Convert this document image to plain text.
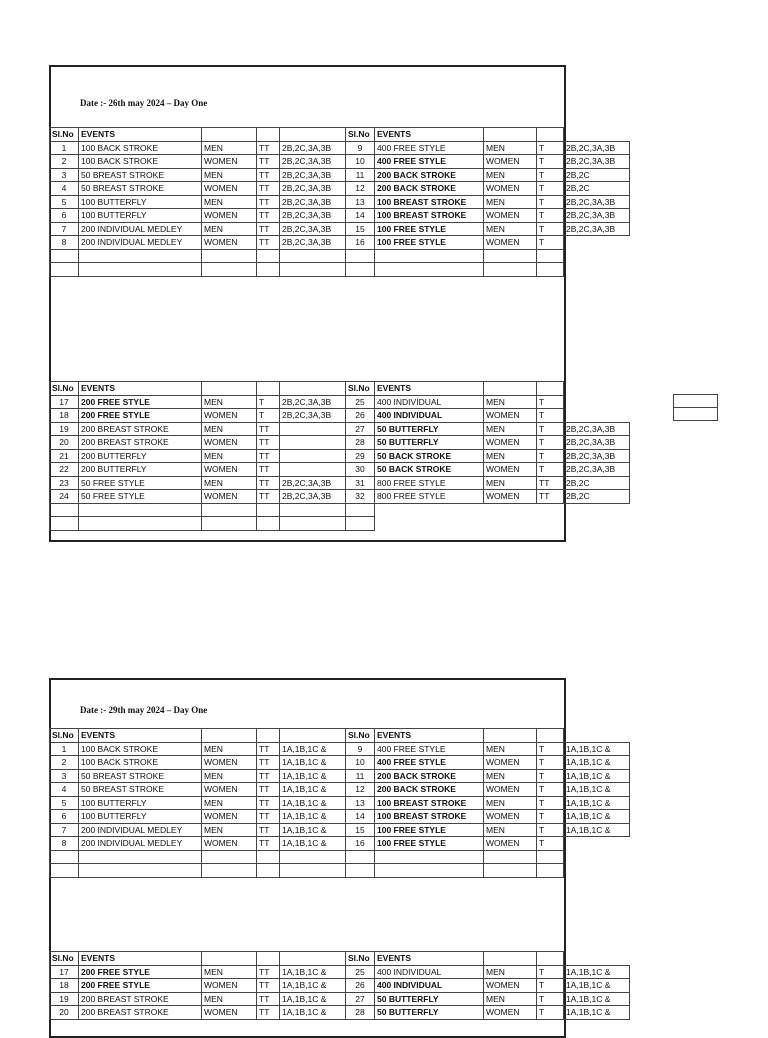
Date :- 26th may 2024 – Day One
Sl.No	EVENTS				Sl.No	EVENTS			
1	100 BACK STROKE	MEN	TT	2B,2C,3A,3B	9	400 FREE STYLE	MEN	T	2B,2C,3A,3B
2	100 BACK STROKE	WOMEN	TT	2B,2C,3A,3B	10	400 FREE STYLE	WOMEN	T	2B,2C,3A,3B
3	50 BREAST STROKE	MEN	TT	2B,2C,3A,3B	11	200 BACK STROKE	MEN	T	2B,2C
4	50 BREAST STROKE	WOMEN	TT	2B,2C,3A,3B	12	200 BACK STROKE	WOMEN	T	2B,2C
5	100 BUTTERFLY	MEN	TT	2B,2C,3A,3B	13	100 BREAST STROKE	MEN	T	2B,2C,3A,3B
6	100 BUTTERFLY	WOMEN	TT	2B,2C,3A,3B	14	100 BREAST STROKE	WOMEN	T	2B,2C,3A,3B
7	200 INDIVIDUAL MEDLEY	MEN	TT	2B,2C,3A,3B	15	100 FREE STYLE	MEN	T	2B,2C,3A,3B
8	200 INDIVIDUAL MEDLEY	WOMEN	TT	2B,2C,3A,3B	16	100 FREE STYLE	WOMEN	T	

Sl.No	EVENTS				Sl.No	EVENTS			
17	200 FREE STYLE	MEN	T	2B,2C,3A,3B	25	400 INDIVIDUAL	MEN	T	
18	200 FREE STYLE	WOMEN	T	2B,2C,3A,3B	26	400 INDIVIDUAL	WOMEN	T	
19	200 BREAST STROKE	MEN	TT		27	50 BUTTERFLY	MEN	T	2B,2C,3A,3B
20	200 BREAST STROKE	WOMEN	TT		28	50 BUTTERFLY	WOMEN	T	2B,2C,3A,3B
21	200 BUTTERFLY	MEN	TT		29	50 BACK STROKE	MEN	T	2B,2C,3A,3B
22	200 BUTTERFLY	WOMEN	TT		30	50 BACK STROKE	WOMEN	T	2B,2C,3A,3B
23	50 FREE STYLE	MEN	TT	2B,2C,3A,3B	31	800 FREE STYLE	MEN	TT	2B,2C
24	50 FREE STYLE	WOMEN	TT	2B,2C,3A,3B	32	800 FREE STYLE	WOMEN	TT	2B,2C

Date :- 29th may 2024 – Day One
Sl.No	EVENTS				Sl.No	EVENTS			
1	100 BACK STROKE	MEN	TT	1A,1B,1C &	9	400 FREE STYLE	MEN	T	1A,1B,1C &
2	100 BACK STROKE	WOMEN	TT	1A,1B,1C &	10	400 FREE STYLE	WOMEN	T	1A,1B,1C &
3	50 BREAST STROKE	MEN	TT	1A,1B,1C &	11	200 BACK STROKE	MEN	T	1A,1B,1C &
4	50 BREAST STROKE	WOMEN	TT	1A,1B,1C &	12	200 BACK STROKE	WOMEN	T	1A,1B,1C &
5	100 BUTTERFLY	MEN	TT	1A,1B,1C &	13	100 BREAST STROKE	MEN	T	1A,1B,1C &
6	100 BUTTERFLY	WOMEN	TT	1A,1B,1C &	14	100 BREAST STROKE	WOMEN	T	1A,1B,1C &
7	200 INDIVIDUAL MEDLEY	MEN	TT	1A,1B,1C &	15	100 FREE STYLE	MEN	T	1A,1B,1C &
8	200 INDIVIDUAL MEDLEY	WOMEN	TT	1A,1B,1C &	16	100 FREE STYLE	WOMEN	T	

Sl.No	EVENTS				Sl.No	EVENTS			
17	200 FREE STYLE	MEN	TT	1A,1B,1C &	25	400 INDIVIDUAL	MEN	T	1A,1B,1C &
18	200 FREE STYLE	WOMEN	TT	1A,1B,1C &	26	400 INDIVIDUAL	WOMEN	T	1A,1B,1C &
19	200 BREAST STROKE	MEN	TT	1A,1B,1C &	27	50 BUTTERFLY	MEN	T	1A,1B,1C &
20	200 BREAST STROKE	WOMEN	TT	1A,1B,1C &	28	50 BUTTERFLY	WOMEN	T	1A,1B,1C &
